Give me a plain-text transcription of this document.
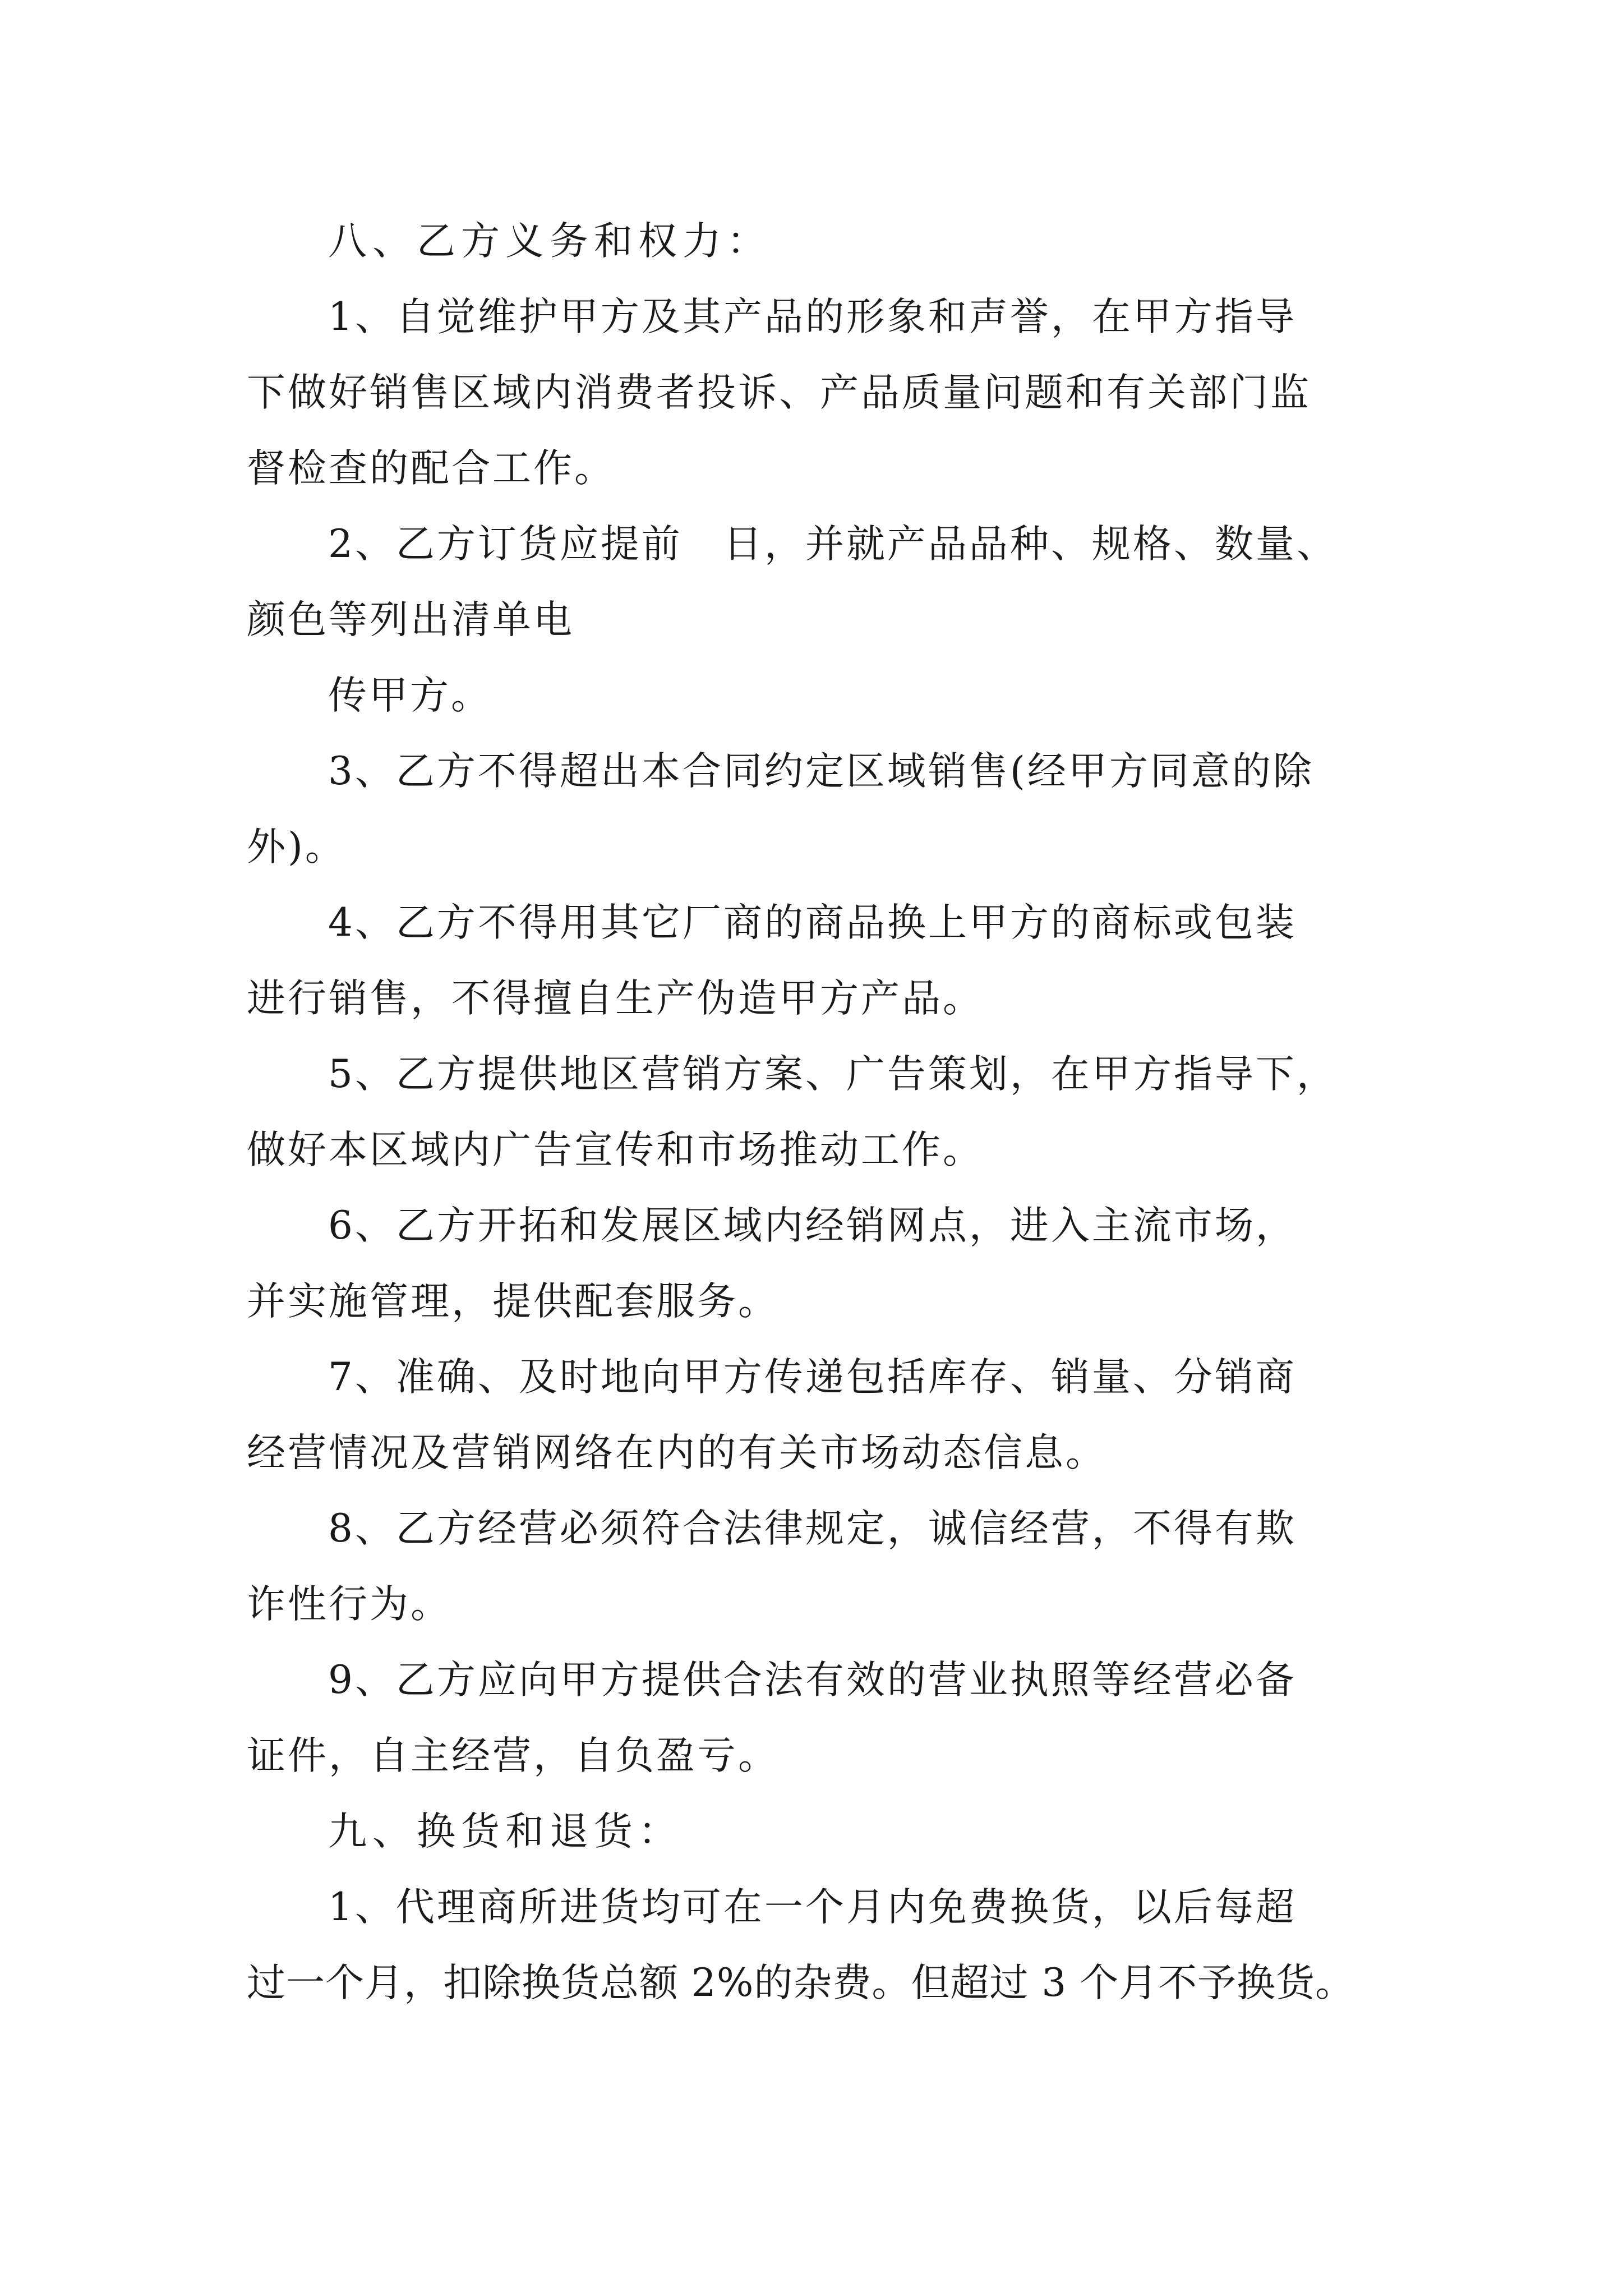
八、乙方义务和权力：
1、自觉维护甲方及其产品的形象和声誉，在甲方指导
下做好销售区域内消费者投诉、产品质量问题和有关部门监
督检查的配合工作。
2、乙方订货应提前　日，并就产品品种、规格、数量、
颜色等列出清单电
传甲方。
3、乙方不得超出本合同约定区域销售(经甲方同意的除
外)。
4、乙方不得用其它厂商的商品换上甲方的商标或包装
进行销售，不得擅自生产伪造甲方产品。
5、乙方提供地区营销方案、广告策划，在甲方指导下，
做好本区域内广告宣传和市场推动工作。
6、乙方开拓和发展区域内经销网点，进入主流市场，
并实施管理，提供配套服务。
7、准确、及时地向甲方传递包括库存、销量、分销商
经营情况及营销网络在内的有关市场动态信息。
8、乙方经营必须符合法律规定，诚信经营，不得有欺
诈性行为。
9、乙方应向甲方提供合法有效的营业执照等经营必备
证件，自主经营，自负盈亏。
九、换货和退货：
1、代理商所进货均可在一个月内免费换货，以后每超
过一个月，扣除换货总额 2%的杂费。但超过 3 个月不予换货。
